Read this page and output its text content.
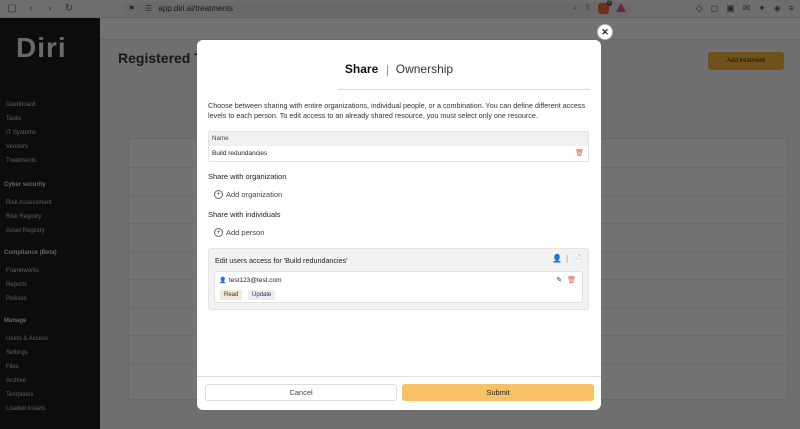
✕
Share Ownership
Choose between sharing with entire organizations, individual people, or a combination. You can define different access levels to each person. To edit access to an already shared resource, you must select only one resource.
Name
Build redundancies	🗑
Share with organization
+ Add organization
Share with individuals
+ Add person
Edit users access for 'Build redundancies'	👤 | 📄
👤 test123@test.com	✎ 🗑
Read	Update
Cancel	Submit
